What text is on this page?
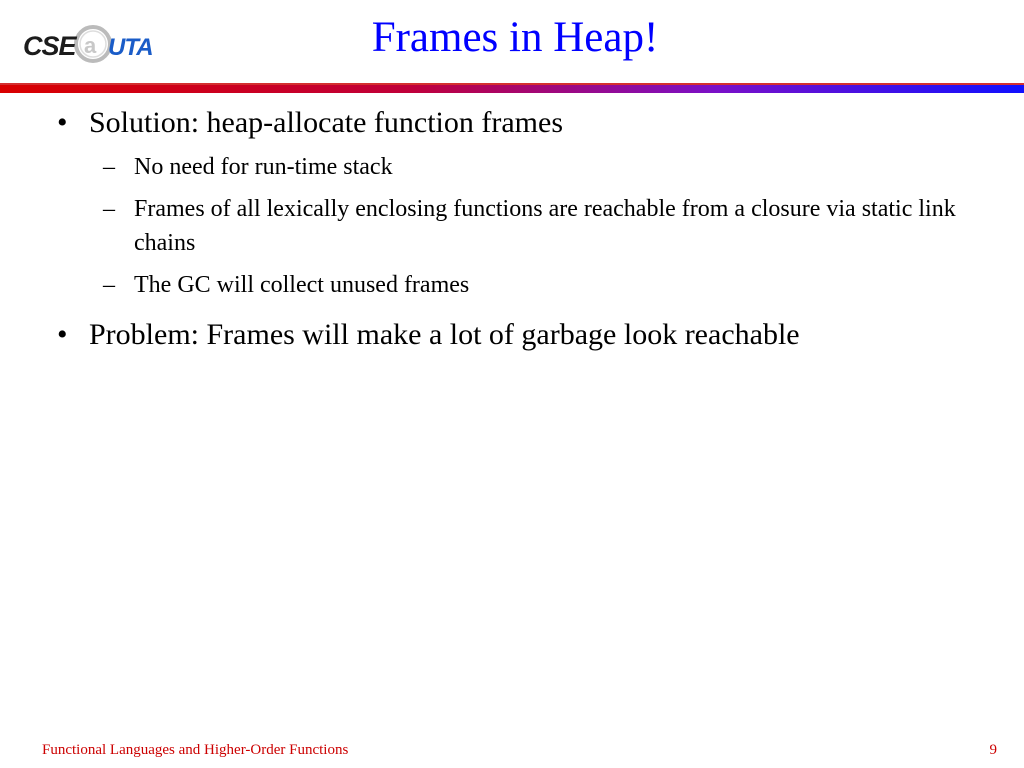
CSE a UTA	Frames in Heap!
• Solution: heap-allocate function frames
– No need for run-time stack
– Frames of all lexically enclosing functions are reachable from a closure via static link chains
– The GC will collect unused frames
• Problem: Frames will make a lot of garbage look reachable
Functional Languages and Higher-Order Functions	9
